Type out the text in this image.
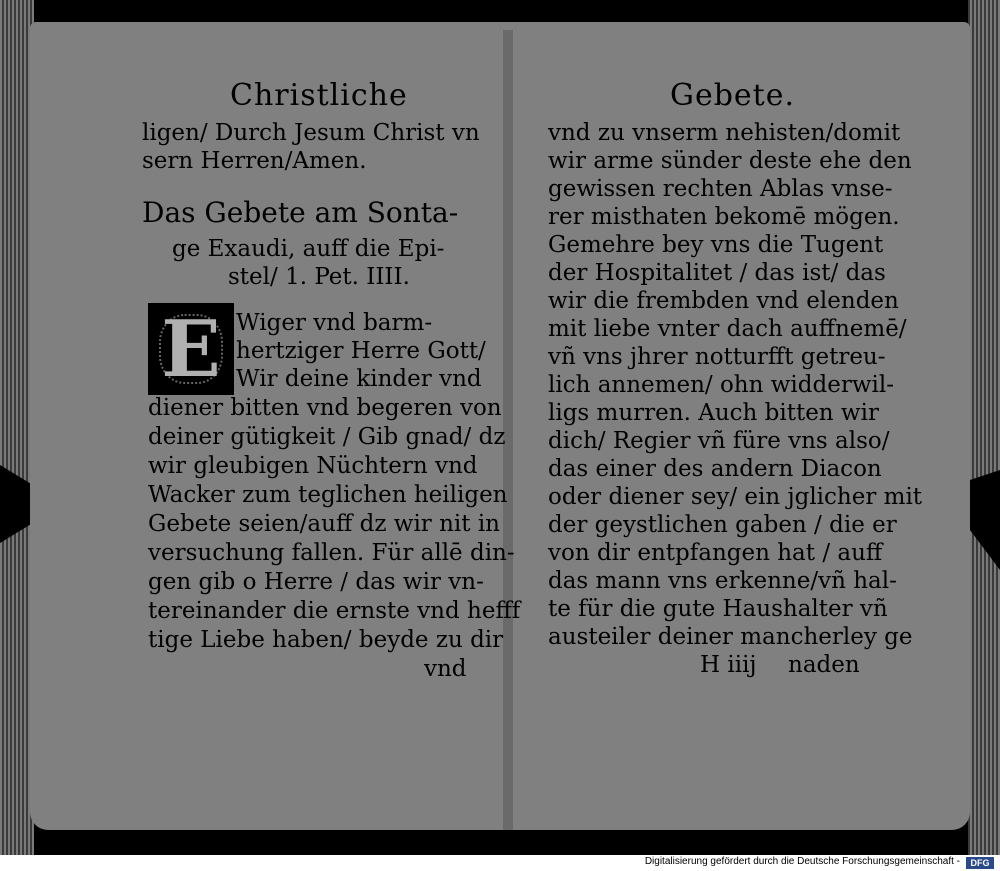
Christliche
ligen/ Durch Jesum Christ vn
sern Herren/Amen.
Das Gebete am Sonta-
ge Exaudi, auff die Epi-
stel/ 1. Pet. IIII.
E Wiger vnd barm-
hertziger Herre Gott/
Wir deine kinder vnd
diener bitten vnd begeren von
deiner gütigkeit / Gib gnad/ dz
wir gleubigen Nüchtern vnd
Wacker zum teglichen heiligen
Gebete seien/auff dz wir nit in
versuchung fallen. Für allē din-
gen gib o Herre / das wir vn-
tereinander die ernste vnd hefff
tige Liebe haben/ beyde zu dir
vnd
Gebete.
vnd zu vnserm nehisten/domit
wir arme sünder deste ehe den
gewissen rechten Ablas vnse-
rer misthaten bekomē mögen.
Gemehre bey vns die Tugent
der Hospitalitet / das ist/ das
wir die frembden vnd elenden
mit liebe vnter dach auffnemē/
vñ vns jhrer notturfft getreu-
lich annemen/ ohn widderwil-
ligs murren. Auch bitten wir
dich/ Regier vñ füre vns also/
das einer des andern Diacon
oder diener sey/ ein jglicher mit
der geystlichen gaben / die er
von dir entpfangen hat / auff
das mann vns erkenne/vñ hal-
te für die gute Haushalter vñ
austeiler deiner mancherley ge
H iiij naden
Digitalisierung gefördert durch die Deutsche Forschungsgemeinschaft -	DFG
